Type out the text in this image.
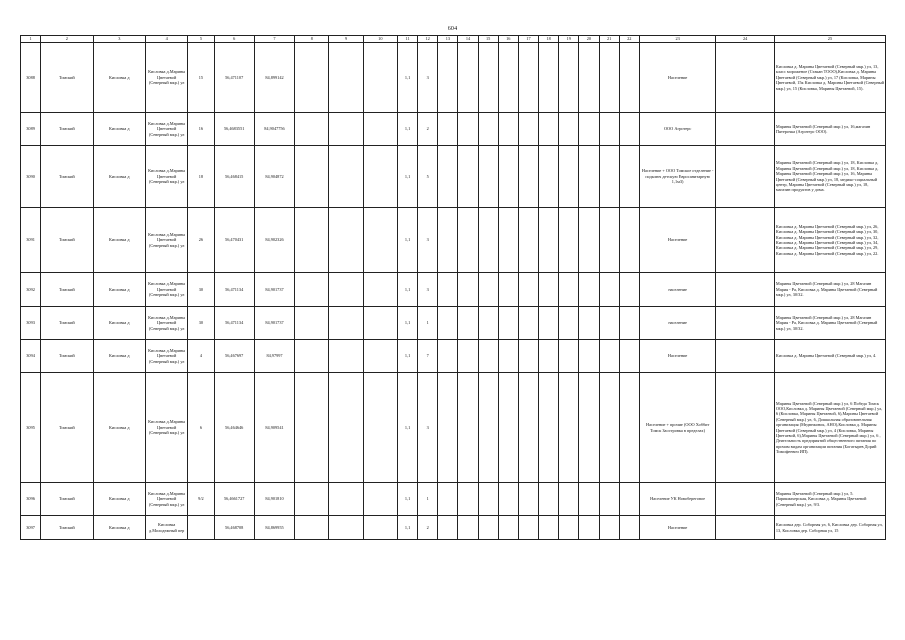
604
1	2	3	4	5	6	7	8	9	10	11	12	13	14	15	16	17	18	19	20	21	22	23	24	25
3088	Томский	Кисловка д	Кисловка д.Марины Цветаевой (Северный мкр.) ул	15	56,471107	84,899142				1,1	3											Население		Кисловка д. Марины Цветаевой (Северный мкр.) ул, 13, класс мороженое (Стакан ТООО),Кисловка д. Марины Цветаевой (Северный мкр.) ул, 17 (Кисловка, Марины Цветаевой, 15к Кисловка д. Марины Цветаевой (Северный мкр.) ул, 15 (Кисловка, Марины Цветаевой, 15).
3089	Томский	Кисловка д	Кисловка д.Марины Цветаевой (Северный мкр.) ул	16	56,4683551	84,9047756				1,1	2											ООО Агротерс		Марины Цветаевой (Северный мкр.) ул, 16,магазин Пятерочка (Агротерс ООО).
3090	Томский	Кисловка д	Кисловка д.Марины Цветаевой (Северный мкр.) ул	18	56,468415	84,904872				1,1	5											Население + ООО Томское отделение - подключ детскую Евросанитарную 1,1м3)		Марины Цветаевой (Северный мкр.) ул, 18, Кисловка д. Марины Цветаевой (Северный мкр.) ул, 18, Кисловка д. Марины Цветаевой (Северный мкр.) ул, 16, Марины Цветаевой (Северный мкр.) ул, 18, медико-социальный центр, Марины Цветаевой (Северный мкр.) ул, 18, магазин продуктов у дома.
3091	Томский	Кисловка д	Кисловка д.Марины Цветаевой (Северный мкр.) ул	26	56,470431	84,902326				1,1	3											Население		Кисловка д. Марины Цветаевой (Северный мкр.) ул, 26, Кисловка д. Марины Цветаевой (Северный мкр.) ул, 30, Кисловка д. Марины Цветаевой (Северный мкр.) ул, 32, Кисловка д. Марины Цветаевой (Северный мкр.) ул, 34, Кисловка д. Марины Цветаевой (Северный мкр.) ул, 29, Кисловка д. Марины Цветаевой (Северный мкр.) ул, 22.
3092	Томский	Кисловка д	Кисловка д.Марины Цветаевой (Северный мкр.) ул	30	56,471134	84,901737				1,1	3											население		Марины Цветаевой (Северный мкр.) ул, 28 Магазин Мария - Ра, Кисловка д. Марины Цветаевой (Северный мкр.) ул, 30/32.
3093	Томский	Кисловка д	Кисловка д.Марины Цветаевой (Северный мкр.) ул	30	56,471134	84,901737				1,1	1											население		Марины Цветаевой (Северный мкр.) ул, 28 Магазин Мария - Ра, Кисловка д. Марины Цветаевой (Северный мкр.) ул, 30/32.
3094	Томский	Кисловка д	Кисловка д.Марины Цветаевой (Северный мкр.) ул	4	56,467697	84,97997				1,1	7											Население		Кисловка д. Марины Цветаевой (Северный мкр.) ул, 4.
3095	Томский	Кисловка д	Кисловка д.Марины Цветаевой (Северный мкр.) ул	6	56,464646	84,909541				1,1	3											Население + прочие (ООО Хоббит Томск Заостровка в пределах)		Марины Цветаевой (Северный мкр.) ул, 6 Победа Томск ООО,Кисловка д. Марины Цветаевой (Северный мкр.) ул, 6 (Кисловка, Марины Цветаевой, 6),Марины Цветаевой (Северный мкр.) ул, 6, Дошкольная образовательная организация (Медвежонок, АНО),Кисловка д. Марины Цветаевой (Северный мкр.) ул, 4 (Кисловка, Марины Цветаевой, 6),Марины Цветаевой (Северный мкр.) ул, 6 , Деятельность предприятий общественного питания по прочим видам организации питания (Богатырев Дорий Тимофеевич ИП).
3096	Томский	Кисловка д	Кисловка д.Марины Цветаевой (Северный мкр.) ул	9/2	56,4661727	84,901810				1,1	1											Население УК Новобереговое		Марины Цветаевой (Северный мкр.) ул, 5. Парикмахерская, Кисловка д. Марины Цветаевой (Северный мкр.) ул, 9/3.
3097	Томский	Кисловка д	Кисловка д.Молодежный пер		56,468708	84,869955				1,1	2											Население		Кисловка дер. Соборная ул, 6, Кисловка дер. Соборная ул, 13, Кисловка дер. Соборная ул, 15
